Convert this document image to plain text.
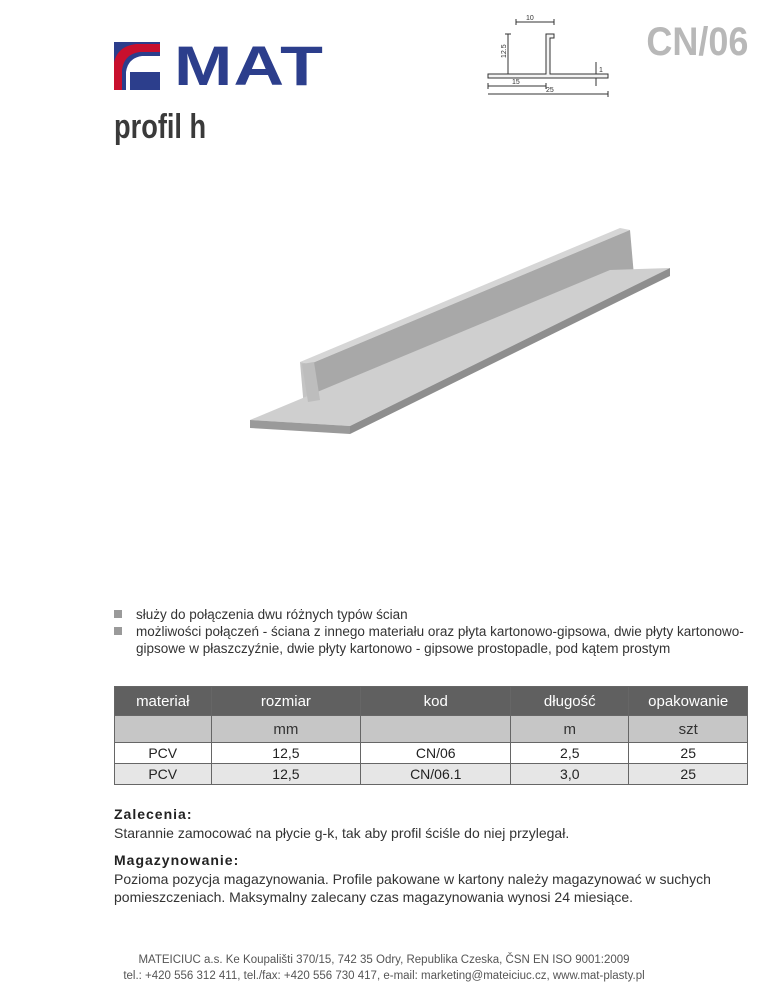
MAT
10
12.5
1
15
25
CN/06
profil h
służy do połączenia dwu różnych typów ścian
możliwości połączeń - ściana z innego materiału oraz płyta kartonowo-gipsowa, dwie płyty kartonowo-gipsowe w płaszczyźnie, dwie płyty kartonowo - gipsowe prostopadle, pod kątem prostym
materiał	rozmiar	kod	długość	opakowanie
	mm		m	szt
PCV	12,5	CN/06	2,5	25
PCV	12,5	CN/06.1	3,0	25
Zalecenia:
Starannie zamocować na płycie g-k, tak aby profil ściśle do niej przylegał.
Magazynowanie:
Pozioma pozycja magazynowania. Profile pakowane w kartony należy magazynować w suchych pomieszczeniach. Maksymalny zalecany czas magazynowania wynosi 24 miesiące.
MATEICIUC a.s. Ke Koupališti 370/15, 742 35 Odry, Republika Czeska, ČSN EN ISO 9001:2009
tel.: +420 556 312 411, tel./fax: +420 556 730 417, e-mail: marketing@mateiciuc.cz, www.mat-plasty.pl
